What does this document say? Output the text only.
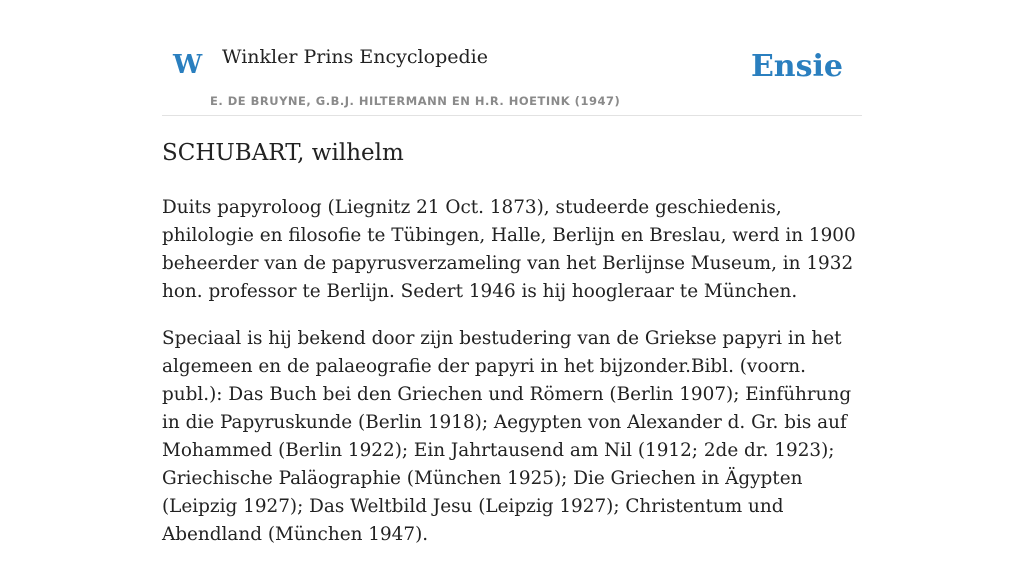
W Winkler Prins Encyclopedie
E. DE BRUYNE, G.B.J. HILTERMANN EN H.R. HOETINK (1947)
Ensie
SCHUBART, wilhelm

Duits papyroloog (Liegnitz 21 Oct. 1873), studeerde geschiedenis, philologie en filosofie te Tübingen, Halle, Berlijn en Breslau, werd in 1900 beheerder van de papyrusverzameling van het Berlijnse Museum, in 1932 hon. professor te Berlijn. Sedert 1946 is hij hoogleraar te München.

Speciaal is hij bekend door zijn bestudering van de Griekse papyri in het algemeen en de palaeografie der papyri in het bijzonder.Bibl. (voorn. publ.): Das Buch bei den Griechen und Römern (Berlin 1907); Einführung in die Papyruskunde (Berlin 1918); Aegypten von Alexander d. Gr. bis auf Mohammed (Berlin 1922); Ein Jahrtausend am Nil (1912; 2de dr. 1923); Griechische Paläographie (München 1925); Die Griechen in Ägypten (Leipzig 1927); Das Weltbild Jesu (Leipzig 1927); Christentum und Abendland (München 1947).
